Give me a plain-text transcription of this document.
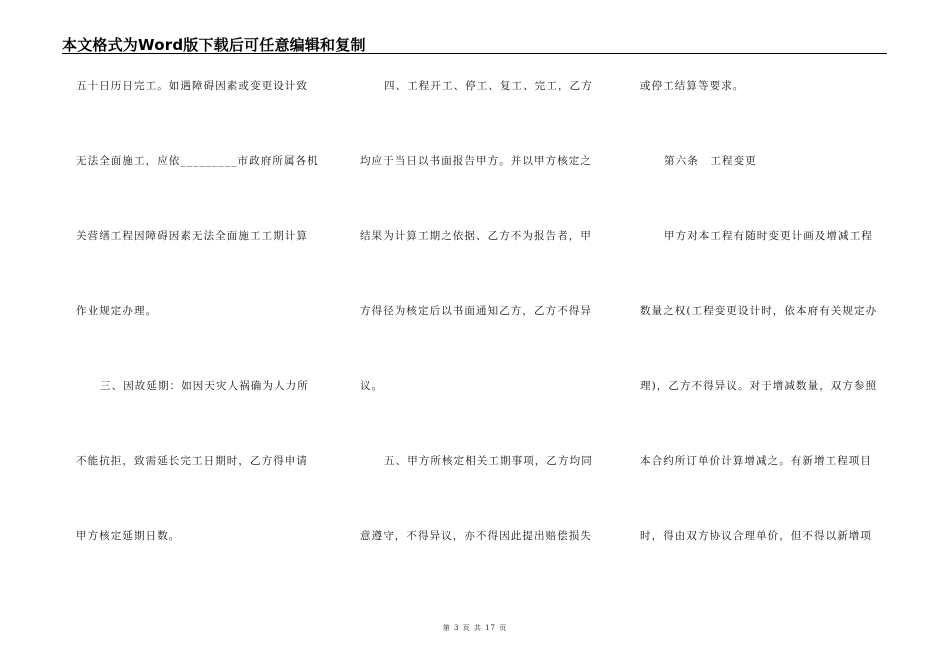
本文格式为Word版下载后可任意编辑和复制
五十日历日完工。如遇障碍因素或变更设计致
无法全面施工，应依_________市政府所属各机
关营缮工程因障碍因素无法全面施工工期计算
作业规定办理。
三、因故延期：如因天灾人祸确为人力所
不能抗拒，致需延长完工日期时，乙方得申请
甲方核定延期日数。
四、工程开工、停工、复工、完工，乙方
均应于当日以书面报告甲方。并以甲方核定之
结果为计算工期之依据、乙方不为报告者，甲
方得径为核定后以书面通知乙方，乙方不得异
议。
五、甲方所核定相关工期事项，乙方均同
意遵守，不得异议，亦不得因此提出赔偿损失
或停工结算等要求。
第六条　工程变更
甲方对本工程有随时变更计画及增减工程
数量之权(工程变更设计时，依本府有关规定办
理)，乙方不得异议。对于增减数量，双方参照
本合约所订单价计算增减之。有新增工程项目
时，得由双方协议合理单价，但不得以新增项
第 3 页 共 17 页
